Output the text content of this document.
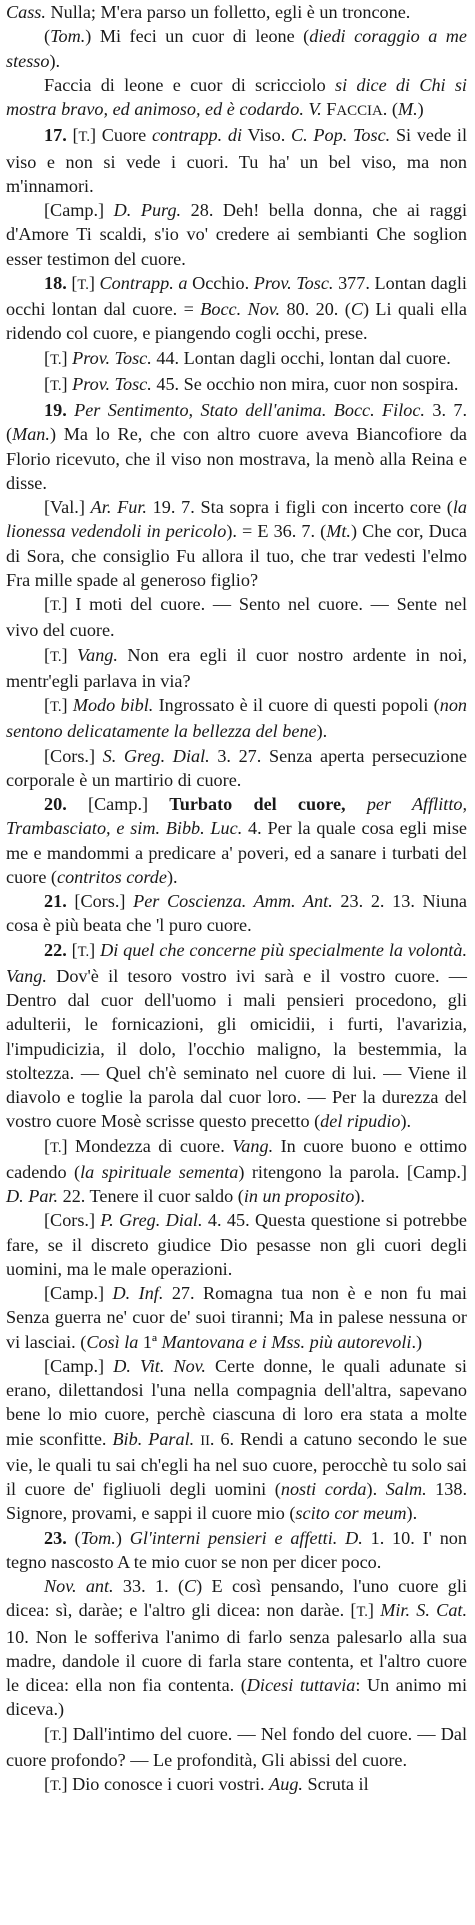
Cass. Nulla; M'era parso un folletto, egli è un troncone.

(Tom.) Mi feci un cuor di leone (diedi coraggio a me stesso).

Faccia di leone e cuor di scricciolo si dice di Chi si mostra bravo, ed animoso, ed è codardo. V. FACCIA. (M.)

17. [T.] Cuore contrapp. di Viso. C. Pop. Tosc. Si vede il viso e non si vede i cuori. Tu ha' un bel viso, ma non m'innamori.

[Camp.] D. Purg. 28. Deh! bella donna, che ai raggi d'Amore Ti scaldi, s'io vo' credere ai sembianti Che soglion esser testimon del cuore.

18. [T.] Contrapp. a Occhio. Prov. Tosc. 377. Lontan dagli occhi lontan dal cuore. = Bocc. Nov. 80. 20. (C) Li quali ella ridendo col cuore, e piangendo cogli occhi, prese.

[T.] Prov. Tosc. 44. Lontan dagli occhi, lontan dal cuore.

[T.] Prov. Tosc. 45. Se occhio non mira, cuor non sospira.

19. Per Sentimento, Stato dell'anima. Bocc. Filoc. 3. 7. (Man.) Ma lo Re, che con altro cuore aveva Biancofiore da Florio ricevuto, che il viso non mostrava, la menò alla Reina e disse.

[Val.] Ar. Fur. 19. 7. Sta sopra i figli con incerto core (la lionessa vedendoli in pericolo). = E 36. 7. (Mt.) Che cor, Duca di Sora, che consiglio Fu allora il tuo, che trar vedesti l'elmo Fra mille spade al generoso figlio?

[T.] I moti del cuore. — Sento nel cuore. — Sente nel vivo del cuore.

[T.] Vang. Non era egli il cuor nostro ardente in noi, mentr'egli parlava in via?

[T.] Modo bibl. Ingrossato è il cuore di questi popoli (non sentono delicatamente la bellezza del bene).

[Cors.] S. Greg. Dial. 3. 27. Senza aperta persecuzione corporale è un martirio di cuore.

20. [Camp.] Turbato del cuore, per Afflitto, Trambasciato, e sim. Bibb. Luc. 4. Per la quale cosa egli mise me e mandommi a predicare a' poveri, ed a sanare i turbati del cuore (contritos corde).

21. [Cors.] Per Coscienza. Amm. Ant. 23. 2. 13. Niuna cosa è più beata che 'l puro cuore.

22. [T.] Di quel che concerne più specialmente la volontà. Vang. Dov'è il tesoro vostro ivi sarà e il vostro cuore. — Dentro dal cuor dell'uomo i mali pensieri procedono, gli adulterii, le fornicazioni, gli omicidii, i furti, l'avarizia, l'impudicizia, il dolo, l'occhio maligno, la bestemmia, la stoltezza. — Quel ch'è seminato nel cuore di lui. — Viene il diavolo e toglie la parola dal cuor loro. — Per la durezza del vostro cuore Mosè scrisse questo precetto (del ripudio).

[T.] Mondezza di cuore. Vang. In cuore buono e ottimo cadendo (la spirituale sementa) ritengono la parola. [Camp.] D. Par. 22. Tenere il cuor saldo (in un proposito).

[Cors.] P. Greg. Dial. 4. 45. Questa questione si potrebbe fare, se il discreto giudice Dio pesasse non gli cuori degli uomini, ma le male operazioni.

[Camp.] D. Inf. 27. Romagna tua non è e non fu mai Senza guerra ne' cuor de' suoi tiranni; Ma in palese nessuna or vi lasciai. (Così la 1ª Mantovana e i Mss. più autorevoli.)

[Camp.] D. Vit. Nov. Certe donne, le quali adunate si erano, dilettandosi l'una nella compagnia dell'altra, sapevano bene lo mio cuore, perchè ciascuna di loro era stata a molte mie sconfitte. Bib. Paral. II. 6. Rendi a catuno secondo le sue vie, le quali tu sai ch'egli ha nel suo cuore, perocchè tu solo sai il cuore de' figliuoli degli uomini (nosti corda). Salm. 138. Signore, provami, e sappi il cuore mio (scito cor meum).

23. (Tom.) Gl'interni pensieri e affetti. D. 1. 10. I' non tegno nascosto A te mio cuor se non per dicer poco.

Nov. ant. 33. 1. (C) E così pensando, l'uno cuore gli dicea: sì, daràe; e l'altro gli dicea: non daràe. [T.] Mir. S. Cat. 10. Non le sofferiva l'animo di farlo senza palesarlo alla sua madre, dandole il cuore di farla stare contenta, et l'altro cuore le dicea: ella non fia contenta. (Dicesi tuttavia: Un animo mi diceva.)

[T.] Dall'intimo del cuore. — Nel fondo del cuore. — Dal cuore profondo? — Le profondità, Gli abissi del cuore.

[T.] Dio conosce i cuori vostri. Aug. Scruta il
